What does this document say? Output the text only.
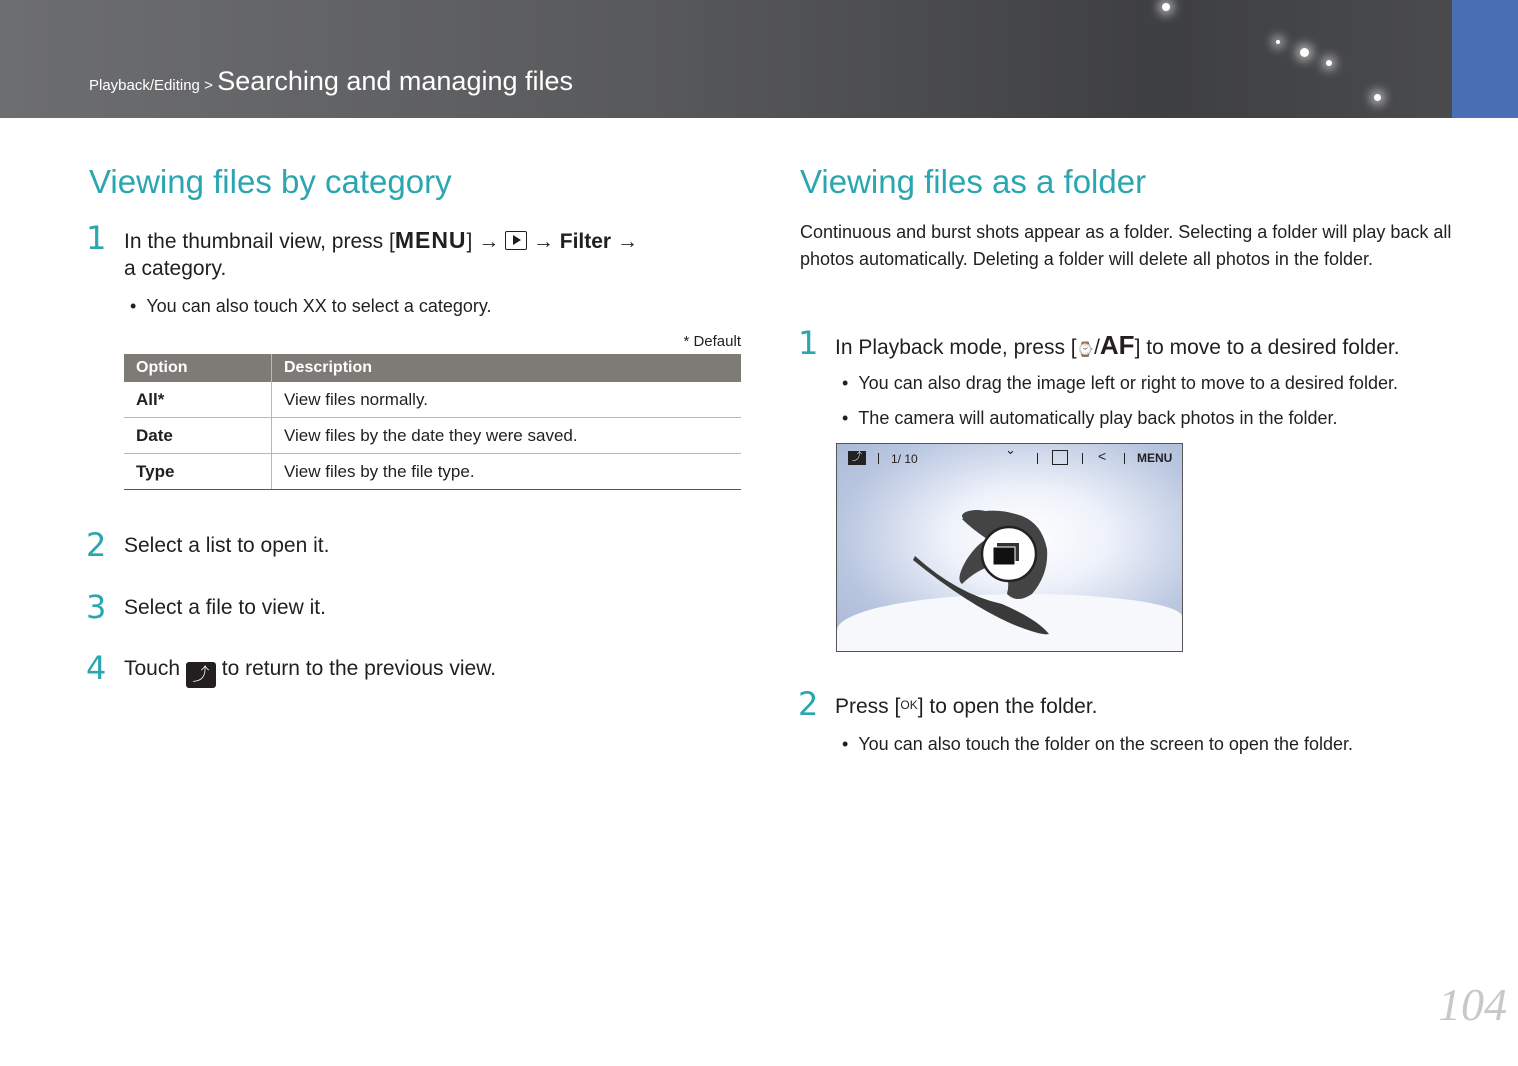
Playback/Editing > Searching and managing files
Viewing files by category
1 In the thumbnail view, press [MENU] → → Filter →
a category.
•  You can also touch XX to select a category.
* Default
Option	Description
All*	View files normally.
Date	View files by the date they were saved.
Type	View files by the file type.
2 Select a list to open it.
3 Select a file to view it.
4 Touch ⤴ to return to the previous view.
Viewing files as a folder

Continuous and burst shots appear as a folder. Selecting a folder will play back all photos automatically. Deleting a folder will delete all photos in the folder.

1 In Playback mode, press [⌚/AF] to move to a desired folder.
•  You can also drag the image left or right to move to a desired folder.
•  The camera will automatically play back photos in the folder.
⤴	1/ 10
⌄	<	MENU
2 Press [OK] to open the folder.
•  You can also touch the folder on the screen to open the folder.
104
